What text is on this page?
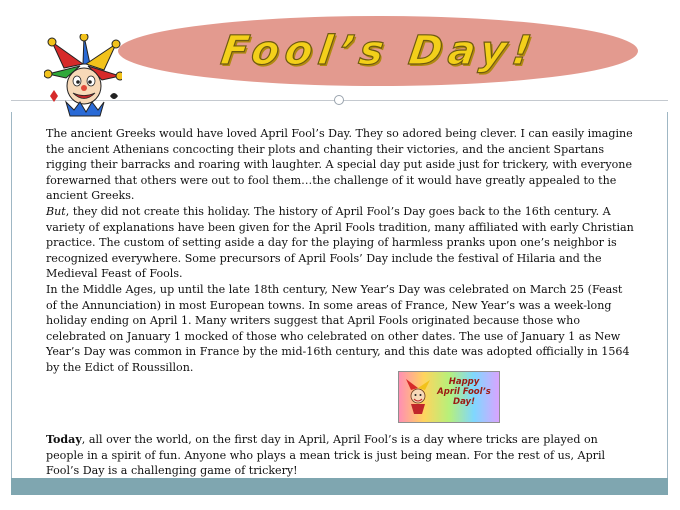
Fool’s Day!

The ancient Greeks would have loved April Fool’s Day. They so adored being clever. I can easily imagine the ancient Athenians concocting their plots and chanting their victories, and the ancient Spartans rigging their barracks and roaring with laughter. A special day put aside just for trickery, with everyone forewarned that others were out to fool them…the challenge of it would have greatly appealed to the ancient Greeks.

But, they did not create this holiday. The history of April Fool’s Day goes back to the 16th century. A variety of explanations have been given for the April Fools tradition, many affiliated with early Christian practice. The custom of setting aside a day for the playing of harmless pranks upon one’s neighbor is recognized everywhere. Some precursors of April Fools’ Day include the festival of Hilaria and the Medieval Feast of Fools.

In the Middle Ages, up until the late 18th century, New Year’s Day was celebrated on March 25 (Feast of the Annunciation) in most European towns. In some areas of France, New Year’s was a week-long holiday ending on April 1. Many writers suggest that April Fools originated because those who celebrated on January 1 mocked of those who celebrated on other dates. The use of January 1 as New Year’s Day was common in France by the mid-16th century, and this date was adopted officially in 1564 by the Edict of Roussillon.

Happy
April Fool’s
Day!

Today, all over the world, on the first day in April, April Fool’s is a day where tricks are played on people in a spirit of fun. Anyone who plays a mean trick is just being mean. For the rest of us, April Fool’s Day is a challenging game of trickery!
